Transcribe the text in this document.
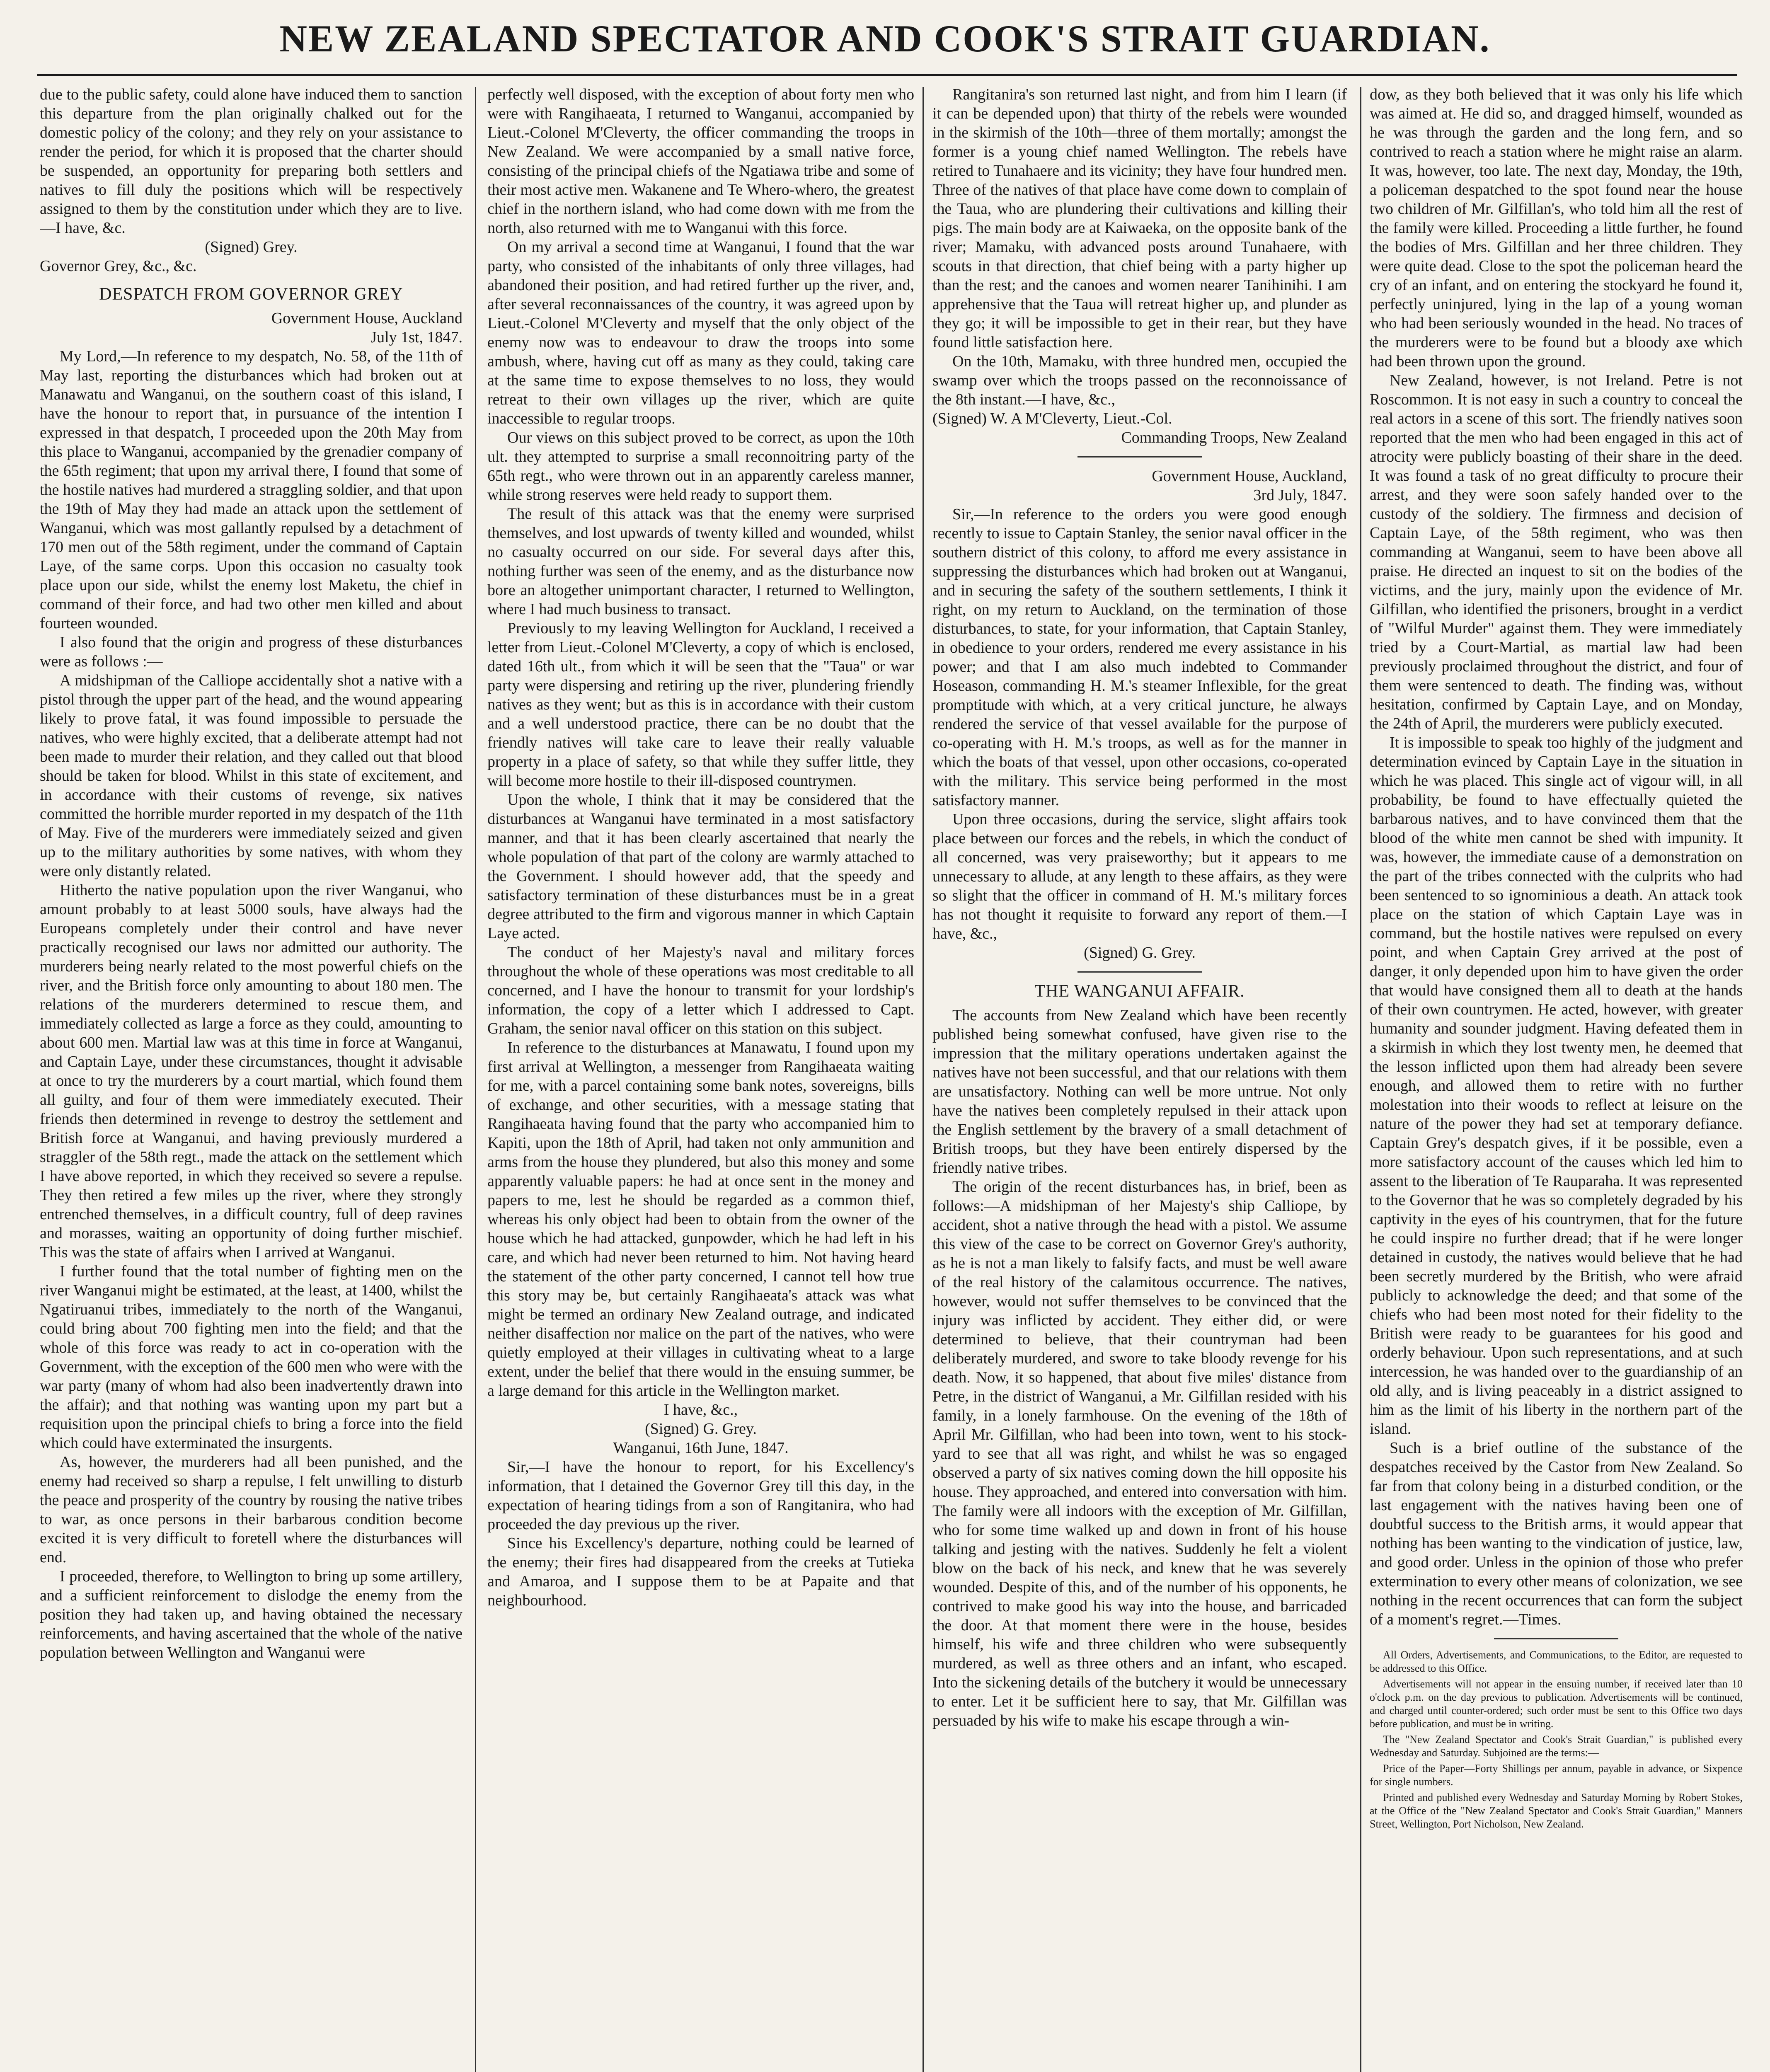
NEW ZEALAND SPECTATOR AND COOK'S STRAIT GUARDIAN.

due to the public safety, could alone have induced them to sanction this departure from the plan originally chalked out for the domestic policy of the colony; and they rely on your assistance to render the period, for which it is proposed that the charter should be suspended, an opportunity for preparing both settlers and natives to fill duly the positions which will be respectively assigned to them by the constitution under which they are to live.—I have, &c.

(Signed) Grey.

Governor Grey, &c., &c.

DESPATCH FROM GOVERNOR GREY

Government House, Auckland

July 1st, 1847.

My Lord,—In reference to my despatch, No. 58, of the 11th of May last, reporting the disturbances which had broken out at Manawatu and Wanganui, on the southern coast of this island, I have the honour to report that, in pursuance of the intention I expressed in that despatch, I proceeded upon the 20th May from this place to Wanganui, accompanied by the grenadier company of the 65th regiment; that upon my arrival there, I found that some of the hostile natives had murdered a straggling soldier, and that upon the 19th of May they had made an attack upon the settlement of Wanganui, which was most gallantly repulsed by a detachment of 170 men out of the 58th regiment, under the command of Captain Laye, of the same corps. Upon this occasion no casualty took place upon our side, whilst the enemy lost Maketu, the chief in command of their force, and had two other men killed and about fourteen wounded.

I also found that the origin and progress of these disturbances were as follows :—

A midshipman of the Calliope accidentally shot a native with a pistol through the upper part of the head, and the wound appearing likely to prove fatal, it was found impossible to persuade the natives, who were highly excited, that a deliberate attempt had not been made to murder their relation, and they called out that blood should be taken for blood. Whilst in this state of excitement, and in accordance with their customs of revenge, six natives committed the horrible murder reported in my despatch of the 11th of May. Five of the murderers were immediately seized and given up to the military authorities by some natives, with whom they were only distantly related.

Hitherto the native population upon the river Wanganui, who amount probably to at least 5000 souls, have always had the Europeans completely under their control and have never practically recognised our laws nor admitted our authority. The murderers being nearly related to the most powerful chiefs on the river, and the British force only amounting to about 180 men. The relations of the murderers determined to rescue them, and immediately collected as large a force as they could, amounting to about 600 men. Martial law was at this time in force at Wanganui, and Captain Laye, under these circumstances, thought it advisable at once to try the murderers by a court martial, which found them all guilty, and four of them were immediately executed. Their friends then determined in revenge to destroy the settlement and British force at Wanganui, and having previously murdered a straggler of the 58th regt., made the attack on the settlement which I have above reported, in which they received so severe a repulse. They then retired a few miles up the river, where they strongly entrenched themselves, in a difficult country, full of deep ravines and morasses, waiting an opportunity of doing further mischief. This was the state of affairs when I arrived at Wanganui.

I further found that the total number of fighting men on the river Wanganui might be estimated, at the least, at 1400, whilst the Ngatiruanui tribes, immediately to the north of the Wanganui, could bring about 700 fighting men into the field; and that the whole of this force was ready to act in co-operation with the Government, with the exception of the 600 men who were with the war party (many of whom had also been inadvertently drawn into the affair); and that nothing was wanting upon my part but a requisition upon the principal chiefs to bring a force into the field which could have exterminated the insurgents.

As, however, the murderers had all been punished, and the enemy had received so sharp a repulse, I felt unwilling to disturb the peace and prosperity of the country by rousing the native tribes to war, as once persons in their barbarous condition become excited it is very difficult to foretell where the disturbances will end.

I proceeded, therefore, to Wellington to bring up some artillery, and a sufficient reinforcement to dislodge the enemy from the position they had taken up, and having obtained the necessary reinforcements, and having ascertained that the whole of the native population between Wellington and Wanganui were

perfectly well disposed, with the exception of about forty men who were with Rangihaeata, I returned to Wanganui, accompanied by Lieut.-Colonel M'Cleverty, the officer commanding the troops in New Zealand. We were accompanied by a small native force, consisting of the principal chiefs of the Ngatiawa tribe and some of their most active men. Wakanene and Te Whero-whero, the greatest chief in the northern island, who had come down with me from the north, also returned with me to Wanganui with this force.

On my arrival a second time at Wanganui, I found that the war party, who consisted of the inhabitants of only three villages, had abandoned their position, and had retired further up the river, and, after several reconnaissances of the country, it was agreed upon by Lieut.-Colonel M'Cleverty and myself that the only object of the enemy now was to endeavour to draw the troops into some ambush, where, having cut off as many as they could, taking care at the same time to expose themselves to no loss, they would retreat to their own villages up the river, which are quite inaccessible to regular troops.

Our views on this subject proved to be correct, as upon the 10th ult. they attempted to surprise a small reconnoitring party of the 65th regt., who were thrown out in an apparently careless manner, while strong reserves were held ready to support them.

The result of this attack was that the enemy were surprised themselves, and lost upwards of twenty killed and wounded, whilst no casualty occurred on our side. For several days after this, nothing further was seen of the enemy, and as the disturbance now bore an altogether unimportant character, I returned to Wellington, where I had much business to transact.

Previously to my leaving Wellington for Auckland, I received a letter from Lieut.-Colonel M'Cleverty, a copy of which is enclosed, dated 16th ult., from which it will be seen that the "Taua" or war party were dispersing and retiring up the river, plundering friendly natives as they went; but as this is in accordance with their custom and a well understood practice, there can be no doubt that the friendly natives will take care to leave their really valuable property in a place of safety, so that while they suffer little, they will become more hostile to their ill-disposed countrymen.

Upon the whole, I think that it may be considered that the disturbances at Wanganui have terminated in a most satisfactory manner, and that it has been clearly ascertained that nearly the whole population of that part of the colony are warmly attached to the Government. I should however add, that the speedy and satisfactory termination of these disturbances must be in a great degree attributed to the firm and vigorous manner in which Captain Laye acted.

The conduct of her Majesty's naval and military forces throughout the whole of these operations was most creditable to all concerned, and I have the honour to transmit for your lordship's information, the copy of a letter which I addressed to Capt. Graham, the senior naval officer on this station on this subject.

In reference to the disturbances at Manawatu, I found upon my first arrival at Wellington, a messenger from Rangihaeata waiting for me, with a parcel containing some bank notes, sovereigns, bills of exchange, and other securities, with a message stating that Rangihaeata having found that the party who accompanied him to Kapiti, upon the 18th of April, had taken not only ammunition and arms from the house they plundered, but also this money and some apparently valuable papers: he had at once sent in the money and papers to me, lest he should be regarded as a common thief, whereas his only object had been to obtain from the owner of the house which he had attacked, gunpowder, which he had left in his care, and which had never been returned to him. Not having heard the statement of the other party concerned, I cannot tell how true this story may be, but certainly Rangihaeata's attack was what might be termed an ordinary New Zealand outrage, and indicated neither disaffection nor malice on the part of the natives, who were quietly employed at their villages in cultivating wheat to a large extent, under the belief that there would in the ensuing summer, be a large demand for this article in the Wellington market.

I have, &c.,

(Signed) G. Grey.

Wanganui, 16th June, 1847.

Sir,—I have the honour to report, for his Excellency's information, that I detained the Governor Grey till this day, in the expectation of hearing tidings from a son of Rangitanira, who had proceeded the day previous up the river.

Since his Excellency's departure, nothing could be learned of the enemy; their fires had disappeared from the creeks at Tutieka and Amaroa, and I suppose them to be at Papaite and that neighbourhood.

Rangitanira's son returned last night, and from him I learn (if it can be depended upon) that thirty of the rebels were wounded in the skirmish of the 10th—three of them mortally; amongst the former is a young chief named Wellington. The rebels have retired to Tunahaere and its vicinity; they have four hundred men. Three of the natives of that place have come down to complain of the Taua, who are plundering their cultivations and killing their pigs. The main body are at Kaiwaeka, on the opposite bank of the river; Mamaku, with advanced posts around Tunahaere, with scouts in that direction, that chief being with a party higher up than the rest; and the canoes and women nearer Tanihinihi. I am apprehensive that the Taua will retreat higher up, and plunder as they go; it will be impossible to get in their rear, but they have found little satisfaction here.

On the 10th, Mamaku, with three hundred men, occupied the swamp over which the troops passed on the reconnoissance of the 8th instant.—I have, &c.,

(Signed) W. A M'Cleverty, Lieut.-Col.

Commanding Troops, New Zealand

Government House, Auckland,

3rd July, 1847.

Sir,—In reference to the orders you were good enough recently to issue to Captain Stanley, the senior naval officer in the southern district of this colony, to afford me every assistance in suppressing the disturbances which had broken out at Wanganui, and in securing the safety of the southern settlements, I think it right, on my return to Auckland, on the termination of those disturbances, to state, for your information, that Captain Stanley, in obedience to your orders, rendered me every assistance in his power; and that I am also much indebted to Commander Hoseason, commanding H. M.'s steamer Inflexible, for the great promptitude with which, at a very critical juncture, he always rendered the service of that vessel available for the purpose of co-operating with H. M.'s troops, as well as for the manner in which the boats of that vessel, upon other occasions, co-operated with the military. This service being performed in the most satisfactory manner.

Upon three occasions, during the service, slight affairs took place between our forces and the rebels, in which the conduct of all concerned, was very praiseworthy; but it appears to me unnecessary to allude, at any length to these affairs, as they were so slight that the officer in command of H. M.'s military forces has not thought it requisite to forward any report of them.—I have, &c.,

(Signed) G. Grey.

THE WANGANUI AFFAIR.

The accounts from New Zealand which have been recently published being somewhat confused, have given rise to the impression that the military operations undertaken against the natives have not been successful, and that our relations with them are unsatisfactory. Nothing can well be more untrue. Not only have the natives been completely repulsed in their attack upon the English settlement by the bravery of a small detachment of British troops, but they have been entirely dispersed by the friendly native tribes.

The origin of the recent disturbances has, in brief, been as follows:—A midshipman of her Majesty's ship Calliope, by accident, shot a native through the head with a pistol. We assume this view of the case to be correct on Governor Grey's authority, as he is not a man likely to falsify facts, and must be well aware of the real history of the calamitous occurrence. The natives, however, would not suffer themselves to be convinced that the injury was inflicted by accident. They either did, or were determined to believe, that their countryman had been deliberately murdered, and swore to take bloody revenge for his death. Now, it so happened, that about five miles' distance from Petre, in the district of Wanganui, a Mr. Gilfillan resided with his family, in a lonely farmhouse. On the evening of the 18th of April Mr. Gilfillan, who had been into town, went to his stock-yard to see that all was right, and whilst he was so engaged observed a party of six natives coming down the hill opposite his house. They approached, and entered into conversation with him. The family were all indoors with the exception of Mr. Gilfillan, who for some time walked up and down in front of his house talking and jesting with the natives. Suddenly he felt a violent blow on the back of his neck, and knew that he was severely wounded. Despite of this, and of the number of his opponents, he contrived to make good his way into the house, and barricaded the door. At that moment there were in the house, besides himself, his wife and three children who were subsequently murdered, as well as three others and an infant, who escaped. Into the sickening details of the butchery it would be unnecessary to enter. Let it be sufficient here to say, that Mr. Gilfillan was persuaded by his wife to make his escape through a win-

dow, as they both believed that it was only his life which was aimed at. He did so, and dragged himself, wounded as he was through the garden and the long fern, and so contrived to reach a station where he might raise an alarm. It was, however, too late. The next day, Monday, the 19th, a policeman despatched to the spot found near the house two children of Mr. Gilfillan's, who told him all the rest of the family were killed. Proceeding a little further, he found the bodies of Mrs. Gilfillan and her three children. They were quite dead. Close to the spot the policeman heard the cry of an infant, and on entering the stockyard he found it, perfectly uninjured, lying in the lap of a young woman who had been seriously wounded in the head. No traces of the murderers were to be found but a bloody axe which had been thrown upon the ground.

New Zealand, however, is not Ireland. Petre is not Roscommon. It is not easy in such a country to conceal the real actors in a scene of this sort. The friendly natives soon reported that the men who had been engaged in this act of atrocity were publicly boasting of their share in the deed. It was found a task of no great difficulty to procure their arrest, and they were soon safely handed over to the custody of the soldiery. The firmness and decision of Captain Laye, of the 58th regiment, who was then commanding at Wanganui, seem to have been above all praise. He directed an inquest to sit on the bodies of the victims, and the jury, mainly upon the evidence of Mr. Gilfillan, who identified the prisoners, brought in a verdict of "Wilful Murder" against them. They were immediately tried by a Court-Martial, as martial law had been previously proclaimed throughout the district, and four of them were sentenced to death. The finding was, without hesitation, confirmed by Captain Laye, and on Monday, the 24th of April, the murderers were publicly executed.

It is impossible to speak too highly of the judgment and determination evinced by Captain Laye in the situation in which he was placed. This single act of vigour will, in all probability, be found to have effectually quieted the barbarous natives, and to have convinced them that the blood of the white men cannot be shed with impunity. It was, however, the immediate cause of a demonstration on the part of the tribes connected with the culprits who had been sentenced to so ignominious a death. An attack took place on the station of which Captain Laye was in command, but the hostile natives were repulsed on every point, and when Captain Grey arrived at the post of danger, it only depended upon him to have given the order that would have consigned them all to death at the hands of their own countrymen. He acted, however, with greater humanity and sounder judgment. Having defeated them in a skirmish in which they lost twenty men, he deemed that the lesson inflicted upon them had already been severe enough, and allowed them to retire with no further molestation into their woods to reflect at leisure on the nature of the power they had set at temporary defiance. Captain Grey's despatch gives, if it be possible, even a more satisfactory account of the causes which led him to assent to the liberation of Te Rauparaha. It was represented to the Governor that he was so completely degraded by his captivity in the eyes of his countrymen, that for the future he could inspire no further dread; that if he were longer detained in custody, the natives would believe that he had been secretly murdered by the British, who were afraid publicly to acknowledge the deed; and that some of the chiefs who had been most noted for their fidelity to the British were ready to be guarantees for his good and orderly behaviour. Upon such representations, and at such intercession, he was handed over to the guardianship of an old ally, and is living peaceably in a district assigned to him as the limit of his liberty in the northern part of the island.

Such is a brief outline of the substance of the despatches received by the Castor from New Zealand. So far from that colony being in a disturbed condition, or the last engagement with the natives having been one of doubtful success to the British arms, it would appear that nothing has been wanting to the vindication of justice, law, and good order. Unless in the opinion of those who prefer extermination to every other means of colonization, we see nothing in the recent occurrences that can form the subject of a moment's regret.—Times.

All Orders, Advertisements, and Communications, to the Editor, are requested to be addressed to this Office.

Advertisements will not appear in the ensuing number, if received later than 10 o'clock p.m. on the day previous to publication. Advertisements will be continued, and charged until counter-ordered; such order must be sent to this Office two days before publication, and must be in writing.

The "New Zealand Spectator and Cook's Strait Guardian," is published every Wednesday and Saturday. Subjoined are the terms:—

Price of the Paper—Forty Shillings per annum, payable in advance, or Sixpence for single numbers.

Printed and published every Wednesday and Saturday Morning by Robert Stokes, at the Office of the "New Zealand Spectator and Cook's Strait Guardian," Manners Street, Wellington, Port Nicholson, New Zealand.
